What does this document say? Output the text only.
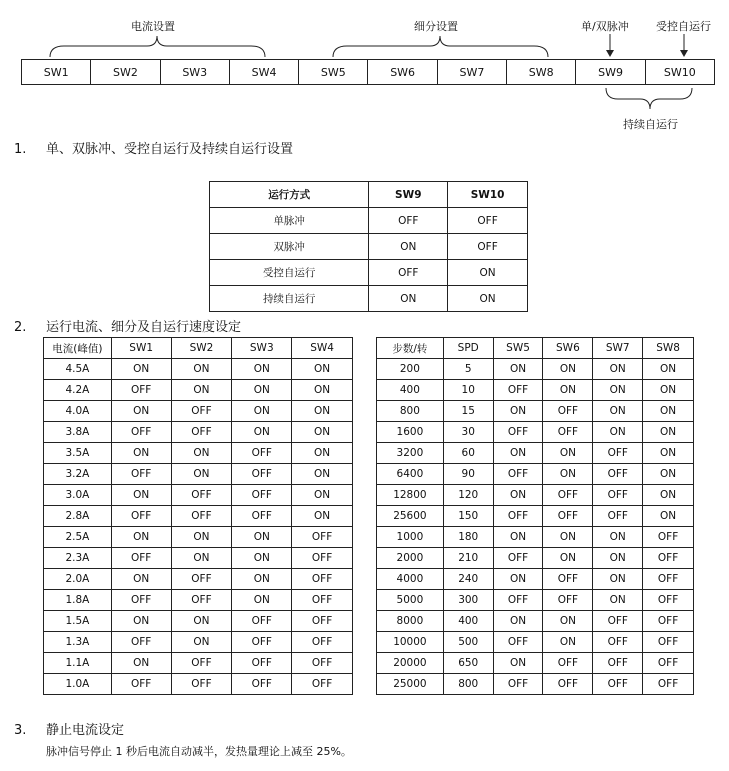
电流设置	细分设置	单/双脉冲 受控自运行
SW1	SW2	SW3	SW4	SW5	SW6	SW7	SW8	SW9	SW10
持续自运行
1. 单、双脉冲、受控自运行及持续自运行设置
运行方式	SW9	SW10
单脉冲	OFF	OFF
双脉冲	ON	OFF
受控自运行	OFF	ON
持续自运行	ON	ON
2. 运行电流、细分及自运行速度设定
电流(峰值)	SW1	SW2	SW3	SW4
4.5A	ON	ON	ON	ON
4.2A	OFF	ON	ON	ON
4.0A	ON	OFF	ON	ON
3.8A	OFF	OFF	ON	ON
3.5A	ON	ON	OFF	ON
3.2A	OFF	ON	OFF	ON
3.0A	ON	OFF	OFF	ON
2.8A	OFF	OFF	OFF	ON
2.5A	ON	ON	ON	OFF
2.3A	OFF	ON	ON	OFF
2.0A	ON	OFF	ON	OFF
1.8A	OFF	OFF	ON	OFF
1.5A	ON	ON	OFF	OFF
1.3A	OFF	ON	OFF	OFF
1.1A	ON	OFF	OFF	OFF
1.0A	OFF	OFF	OFF	OFF
步数/转	SPD	SW5	SW6	SW7	SW8
200	5	ON	ON	ON	ON
400	10	OFF	ON	ON	ON
800	15	ON	OFF	ON	ON
1600	30	OFF	OFF	ON	ON
3200	60	ON	ON	OFF	ON
6400	90	OFF	ON	OFF	ON
12800	120	ON	OFF	OFF	ON
25600	150	OFF	OFF	OFF	ON
1000	180	ON	ON	ON	OFF
2000	210	OFF	ON	ON	OFF
4000	240	ON	OFF	ON	OFF
5000	300	OFF	OFF	ON	OFF
8000	400	ON	ON	OFF	OFF
10000	500	OFF	ON	OFF	OFF
20000	650	ON	OFF	OFF	OFF
25000	800	OFF	OFF	OFF	OFF
3. 静止电流设定
脉冲信号停止 1 秒后电流自动减半，发热量理论上减至 25%。
